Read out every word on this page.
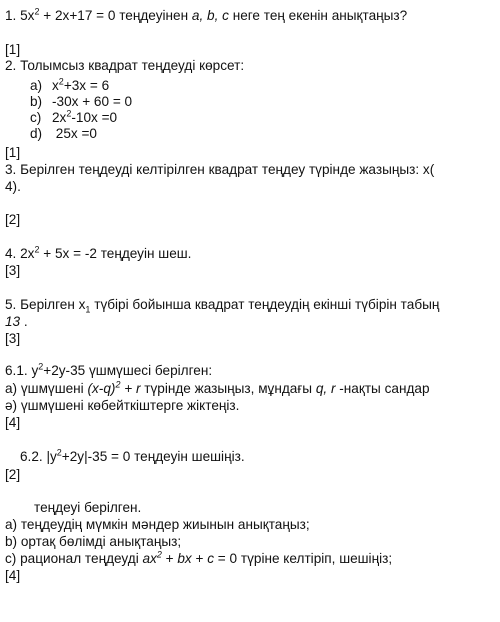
1. $5x^2 + 2x+17 = 0$ теңдеуінен a, b, c неге тең екенін анықтаңыз?
[1]
2. Толымсыз квадрат теңдеуді көрсет:
a) $x^2+3x = 6$
b) -30x + 60 = 0
c) $2x^2-10x =0$
d) 25x =0
[1]
3. Берілген теңдеуді келтірілген квадрат теңдеу түрінде жазыңыз: x(
4).
[2]
4. $2x^2 + 5x = -2$ теңдеуін шеш.
[3]
5. Берілген $x_1$ түбірі бойынша квадрат теңдеудің екінші түбірін табың
13 .
[3]
6.1. $y^2+2y-35$ үшмүшесі берілген:
а) үшмүшені $(x-q)^2 + r$ түрінде жазыңыз, мұндағы q, r -нақты сандар
ә) үшмүшені көбейткіштерге жіктеңіз.
[4]
6.2. $|y^2+2y|-35 = 0$ теңдеуін шешіңіз.
[2]
теңдеуі берілген.
а) теңдеудің мүмкін мәндер жиынын анықтаңыз;
b) ортақ бөлімді анықтаңыз;
c) рационал теңдеуді $ax^2$ + bx + c = 0 түріне келтіріп, шешіңіз;
[4]
